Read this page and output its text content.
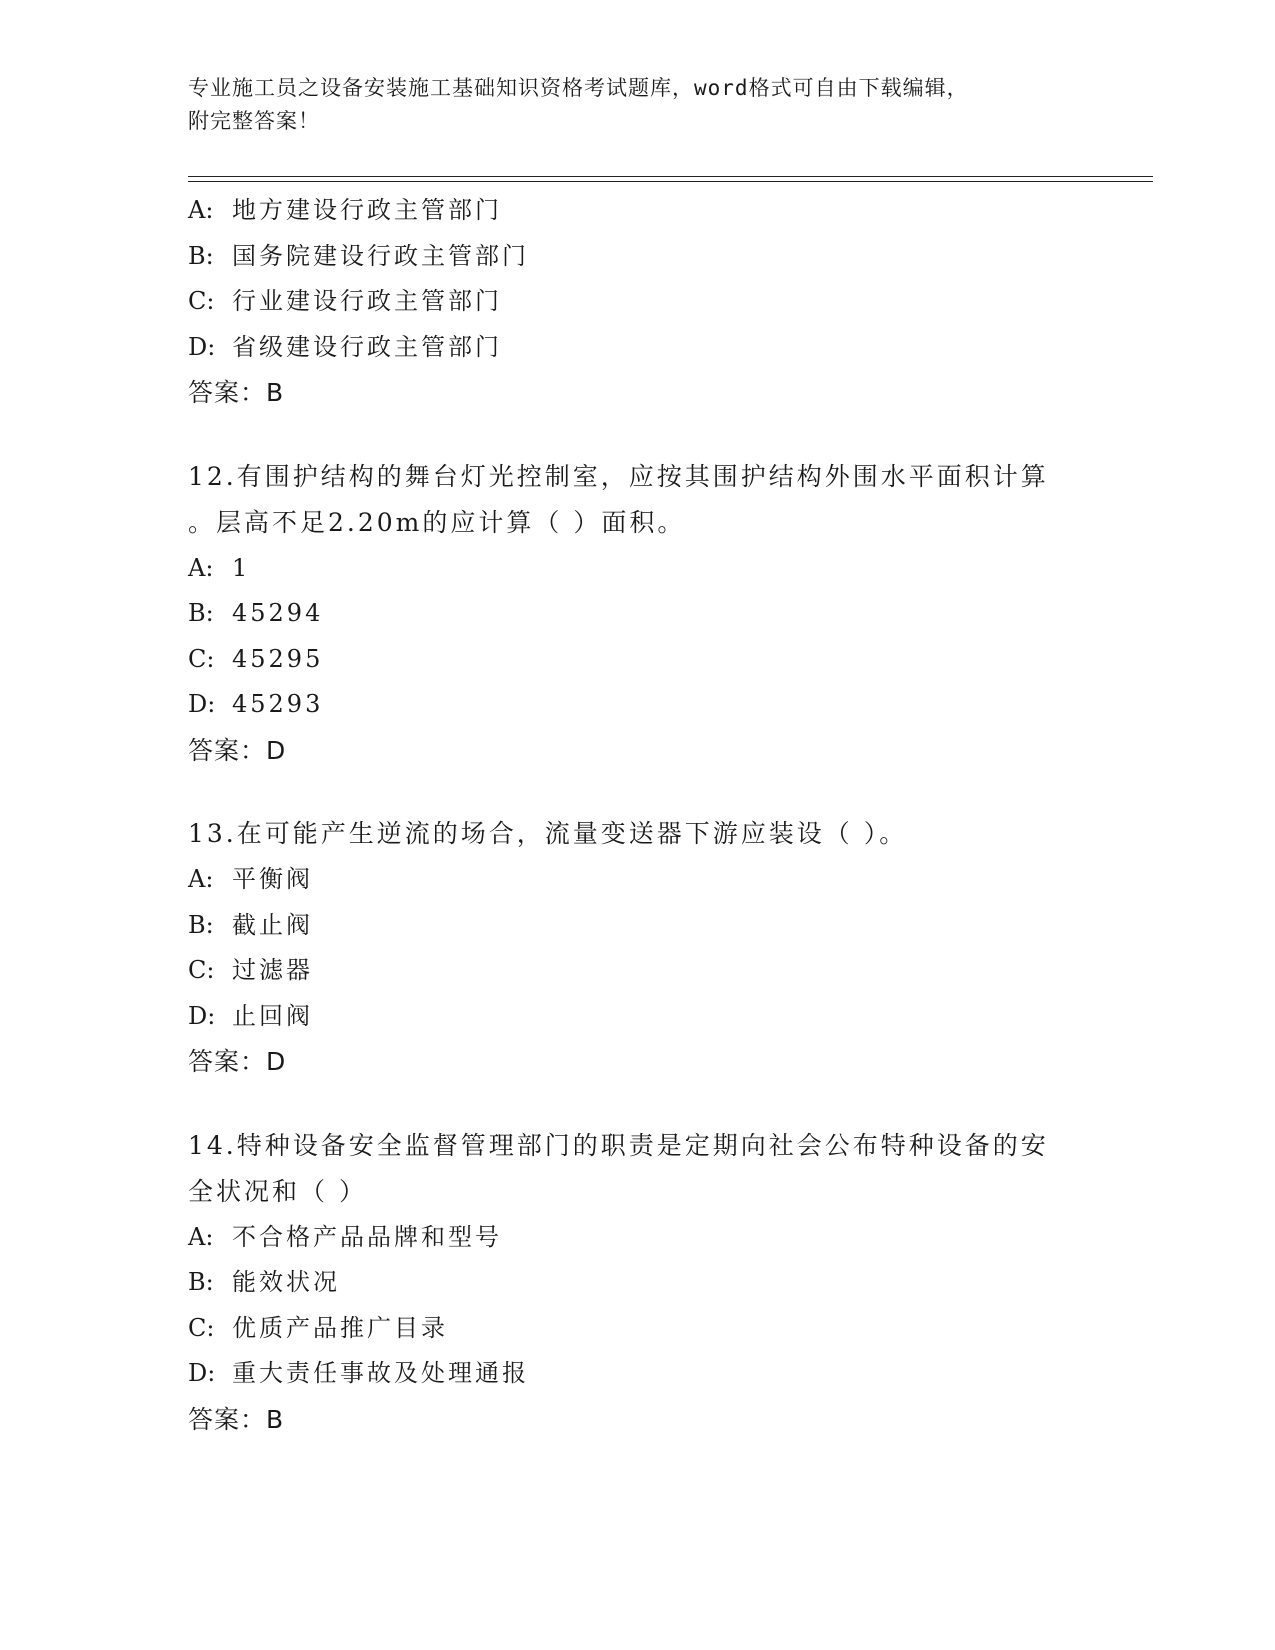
专业施工员之设备安装施工基础知识资格考试题库，word格式可自由下载编辑，
附完整答案！
A: 地方建设行政主管部门
B: 国务院建设行政主管部门
C: 行业建设行政主管部门
D: 省级建设行政主管部门
答案：B
12.有围护结构的舞台灯光控制室，应按其围护结构外围水平面积计算
。层高不足2.20m的应计算（ ）面积。
A: 1
B: 45294
C: 45295
D: 45293
答案：D
13.在可能产生逆流的场合，流量变送器下游应装设（ ）。
A: 平衡阀
B: 截止阀
C: 过滤器
D: 止回阀
答案：D
14.特种设备安全监督管理部门的职责是定期向社会公布特种设备的安
全状况和（ ）
A: 不合格产品品牌和型号
B: 能效状况
C: 优质产品推广目录
D: 重大责任事故及处理通报
答案：B
